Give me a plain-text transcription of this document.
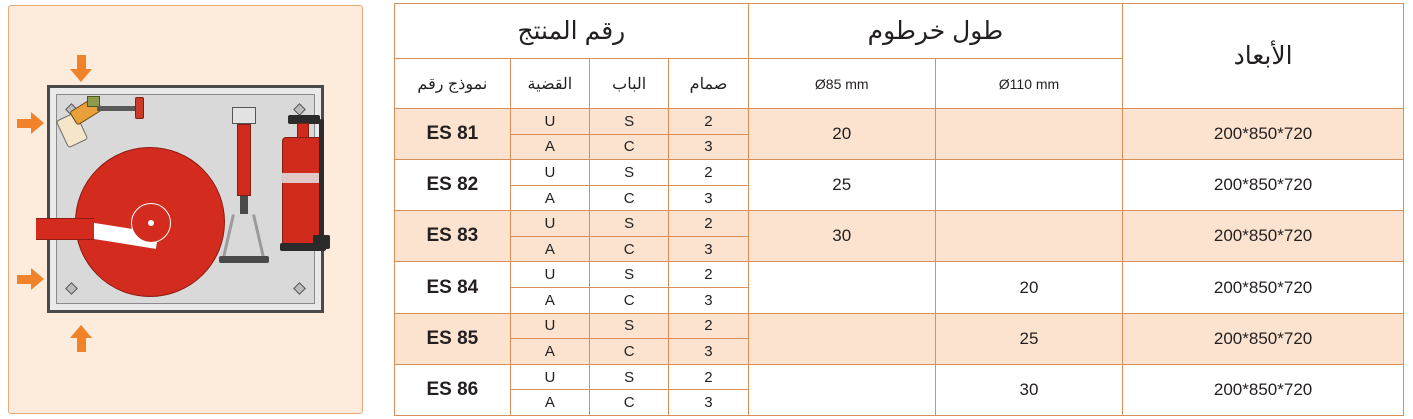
الأبعاد	طول خرطوم		رقم المنتج			
	Ø110 mm	Ø85 mm	صمام	الباب	القضية	نموذج رقم
720*850*200		20	2	S	U	ES 81
			3	C	A	
720*850*200		25	2	S	U	ES 82
			3	C	A	
720*850*200		30	2	S	U	ES 83
			3	C	A	
720*850*200	20		2	S	U	ES 84
			3	C	A	
720*850*200	25		2	S	U	ES 85
			3	C	A	
720*850*200	30		2	S	U	ES 86
			3	C	A	
